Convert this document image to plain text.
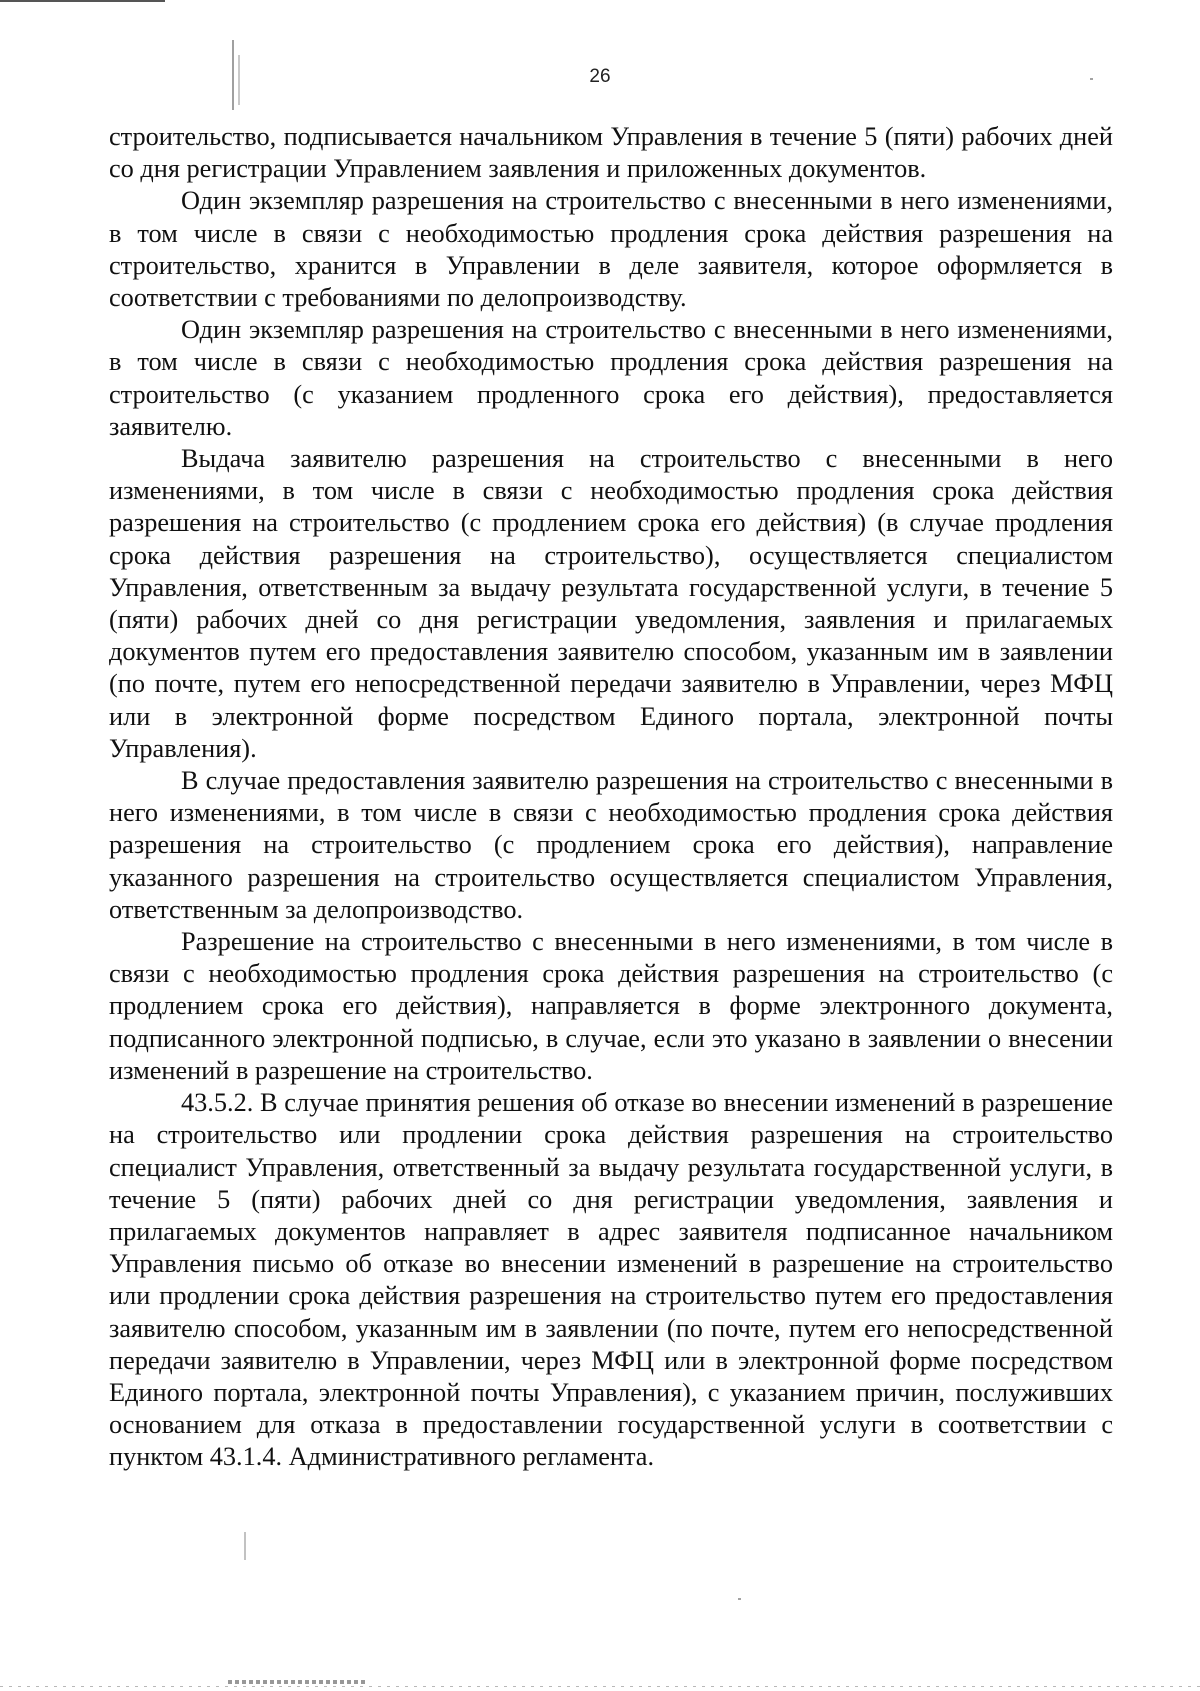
26

строительство, подписывается начальником Управления в течение 5 (пяти) рабочих дней со дня регистрации Управлением заявления и приложенных документов.

Один экземпляр разрешения на строительство с внесенными в него изменениями, в том числе в связи с необходимостью продления срока действия разрешения на строительство, хранится в Управлении в деле заявителя, которое оформляется в соответствии с требованиями по делопроизводству.

Один экземпляр разрешения на строительство с внесенными в него изменениями, в том числе в связи с необходимостью продления срока действия разрешения на строительство (с указанием продленного срока его действия), предоставляется заявителю.

Выдача заявителю разрешения на строительство с внесенными в него изменениями, в том числе в связи с необходимостью продления срока действия разрешения на строительство (с продлением срока его действия) (в случае продления срока действия разрешения на строительство), осуществляется специалистом Управления, ответственным за выдачу результата государственной услуги, в течение 5 (пяти) рабочих дней со дня регистрации уведомления, заявления и прилагаемых документов путем его предоставления заявителю способом, указанным им в заявлении (по почте, путем его непосредственной передачи заявителю в Управлении, через МФЦ или в электронной форме посредством Единого портала, электронной почты Управления).

В случае предоставления заявителю разрешения на строительство с внесенными в него изменениями, в том числе в связи с необходимостью продления срока действия разрешения на строительство (с продлением срока его действия), направление указанного разрешения на строительство осуществляется специалистом Управления, ответственным за делопроизводство.

Разрешение на строительство с внесенными в него изменениями, в том числе в связи с необходимостью продления срока действия разрешения на строительство (с продлением срока его действия), направляется в форме электронного документа, подписанного электронной подписью, в случае, если это указано в заявлении о внесении изменений в разрешение на строительство.

43.5.2. В случае принятия решения об отказе во внесении изменений в разрешение на строительство или продлении срока действия разрешения на строительство специалист Управления, ответственный за выдачу результата государственной услуги, в течение 5 (пяти) рабочих дней со дня регистрации уведомления, заявления и прилагаемых документов направляет в адрес заявителя подписанное начальником Управления письмо об отказе во внесении изменений в разрешение на строительство или продлении срока действия разрешения на строительство путем его предоставления заявителю способом, указанным им в заявлении (по почте, путем его непосредственной передачи заявителю в Управлении, через МФЦ или в электронной форме посредством Единого портала, электронной почты Управления), с указанием причин, послуживших основанием для отказа в предоставлении государственной услуги в соответствии с пунктом 43.1.4. Административного регламента.
